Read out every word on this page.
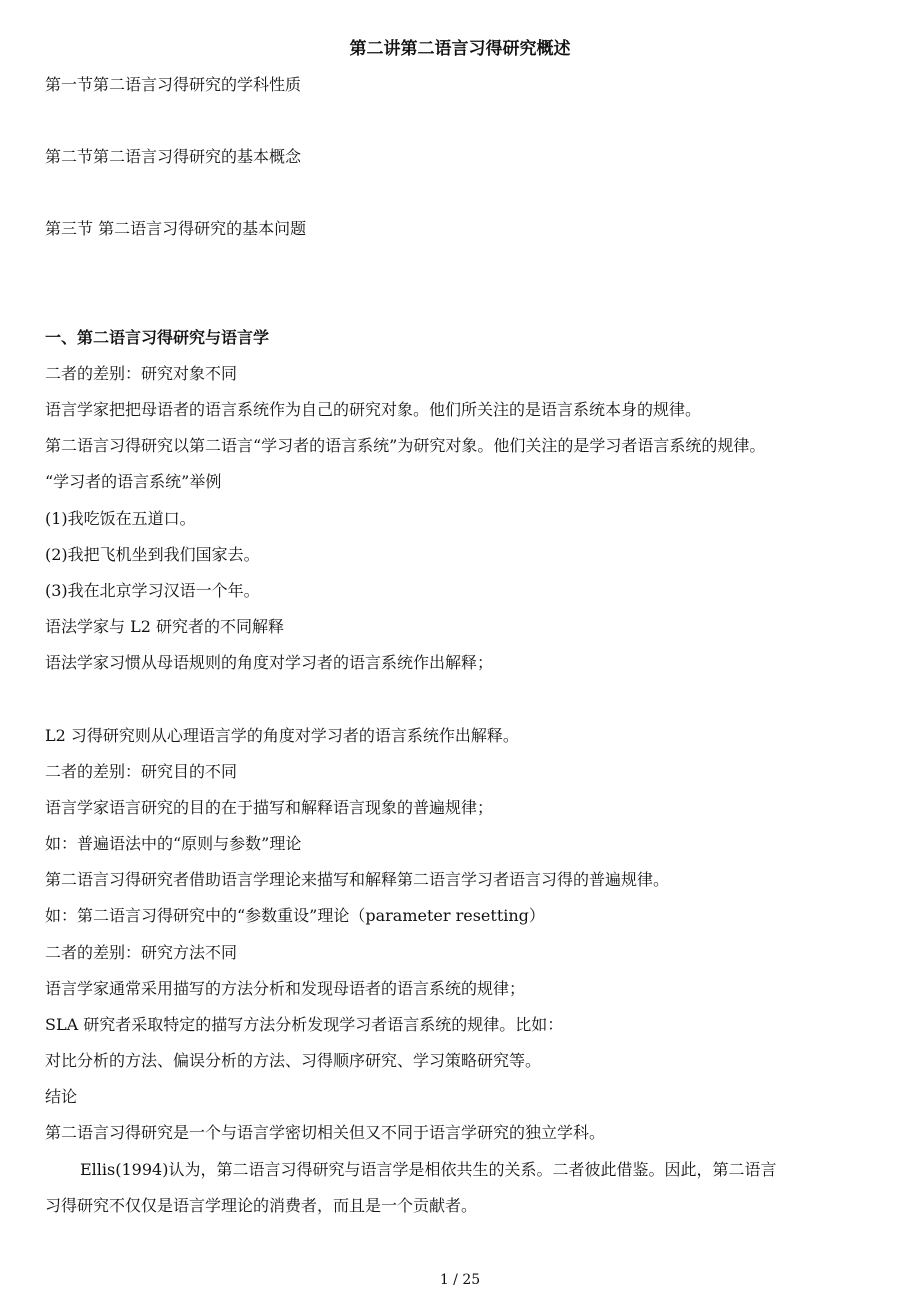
第二讲第二语言习得研究概述
第一节第二语言习得研究的学科性质
第二节第二语言习得研究的基本概念
第三节 第二语言习得研究的基本问题
一、第二语言习得研究与语言学
二者的差别：研究对象不同
语言学家把把母语者的语言系统作为自己的研究对象。他们所关注的是语言系统本身的规律。
第二语言习得研究以第二语言“学习者的语言系统”为研究对象。他们关注的是学习者语言系统的规律。
“学习者的语言系统”举例
(1)我吃饭在五道口。
(2)我把飞机坐到我们国家去。
(3)我在北京学习汉语一个年。
语法学家与 L2 研究者的不同解释
语法学家习惯从母语规则的角度对学习者的语言系统作出解释；
L2 习得研究则从心理语言学的角度对学习者的语言系统作出解释。
二者的差别：研究目的不同
语言学家语言研究的目的在于描写和解释语言现象的普遍规律；
如：普遍语法中的“原则与参数”理论
第二语言习得研究者借助语言学理论来描写和解释第二语言学习者语言习得的普遍规律。
如：第二语言习得研究中的“参数重设”理论（parameter resetting）
二者的差别：研究方法不同
语言学家通常采用描写的方法分析和发现母语者的语言系统的规律；
SLA 研究者采取特定的描写方法分析发现学习者语言系统的规律。比如：
对比分析的方法、偏误分析的方法、习得顺序研究、学习策略研究等。
结论
第二语言习得研究是一个与语言学密切相关但又不同于语言学研究的独立学科。
Ellis(1994)认为，第二语言习得研究与语言学是相依共生的关系。二者彼此借鉴。因此，第二语言
习得研究不仅仅是语言学理论的消费者，而且是一个贡献者。
1 / 25
